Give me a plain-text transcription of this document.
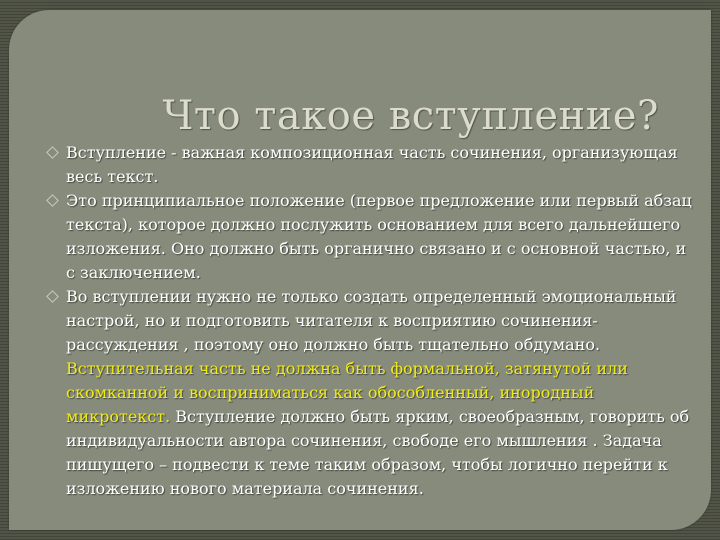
Что такое вступление?
Вступление - важная композиционная часть сочинения, организующая весь текст.
Это принципиальное положение (первое предложение или первый абзац текста), которое должно послужить основанием для всего дальнейшего изложения. Оно должно быть органично связано и с основной частью, и с заключением.
Во вступлении нужно не только создать определенный эмоциональный настрой, но и подготовить читателя к восприятию сочинения-рассуждения , поэтому оно должно быть тщательно обдумано. Вступительная часть не должна быть формальной, затянутой или скомканной и восприниматься как обособленный, инородный микротекст. Вступление должно быть ярким, своеобразным, говорить об индивидуальности автора сочинения, свободе его мышления . Задача пишущего – подвести к теме таким образом, чтобы логично перейти к изложению нового материала сочинения.
